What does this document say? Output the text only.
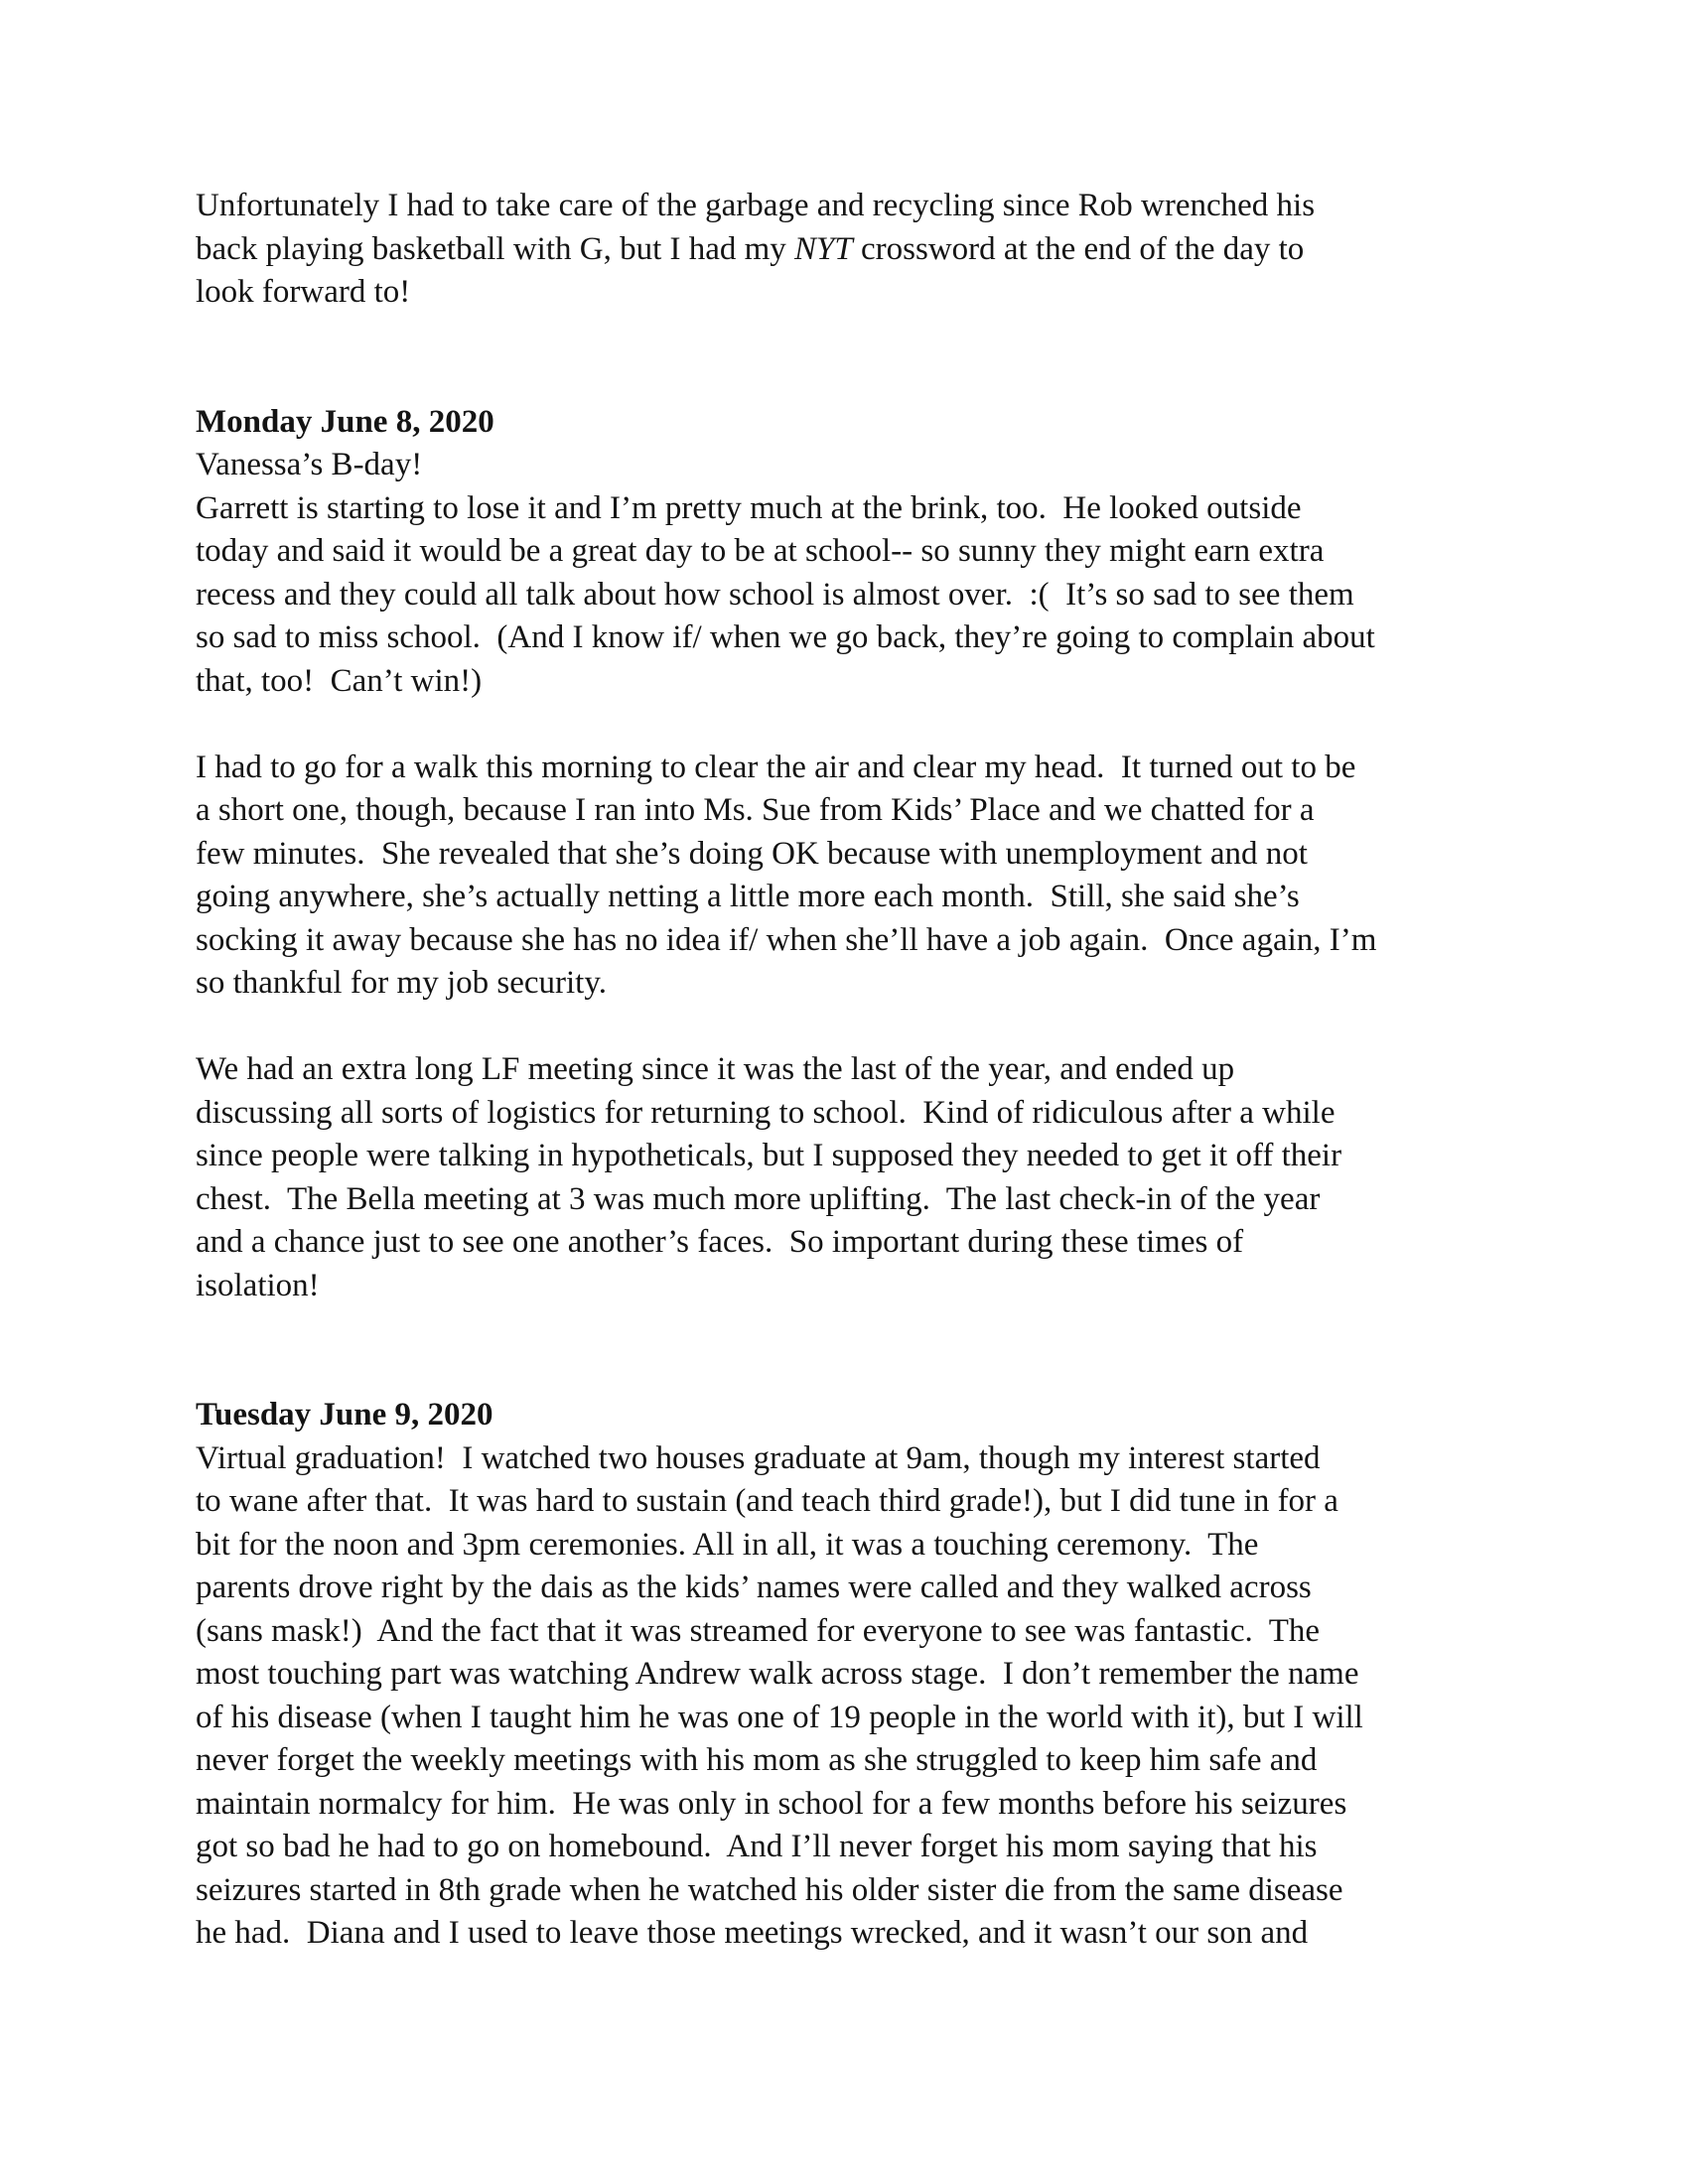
Unfortunately I had to take care of the garbage and recycling since Rob wrenched his
back playing basketball with G, but I had my NYT crossword at the end of the day to
look forward to!
Monday June 8, 2020
Vanessa’s B-day!
Garrett is starting to lose it and I’m pretty much at the brink, too.  He looked outside
today and said it would be a great day to be at school-- so sunny they might earn extra
recess and they could all talk about how school is almost over.  :(  It’s so sad to see them
so sad to miss school.  (And I know if/ when we go back, they’re going to complain about
that, too!  Can’t win!)
I had to go for a walk this morning to clear the air and clear my head.  It turned out to be
a short one, though, because I ran into Ms. Sue from Kids’ Place and we chatted for a
few minutes.  She revealed that she’s doing OK because with unemployment and not
going anywhere, she’s actually netting a little more each month.  Still, she said she’s
socking it away because she has no idea if/ when she’ll have a job again.  Once again, I’m
so thankful for my job security.
We had an extra long LF meeting since it was the last of the year, and ended up
discussing all sorts of logistics for returning to school.  Kind of ridiculous after a while
since people were talking in hypotheticals, but I supposed they needed to get it off their
chest.  The Bella meeting at 3 was much more uplifting.  The last check-in of the year
and a chance just to see one another’s faces.  So important during these times of
isolation!
Tuesday June 9, 2020
Virtual graduation!  I watched two houses graduate at 9am, though my interest started
to wane after that.  It was hard to sustain (and teach third grade!), but I did tune in for a
bit for the noon and 3pm ceremonies. All in all, it was a touching ceremony.  The
parents drove right by the dais as the kids’ names were called and they walked across
(sans mask!)  And the fact that it was streamed for everyone to see was fantastic.  The
most touching part was watching Andrew walk across stage.  I don’t remember the name
of his disease (when I taught him he was one of 19 people in the world with it), but I will
never forget the weekly meetings with his mom as she struggled to keep him safe and
maintain normalcy for him.  He was only in school for a few months before his seizures
got so bad he had to go on homebound.  And I’ll never forget his mom saying that his
seizures started in 8th grade when he watched his older sister die from the same disease
he had.  Diana and I used to leave those meetings wrecked, and it wasn’t our son and
